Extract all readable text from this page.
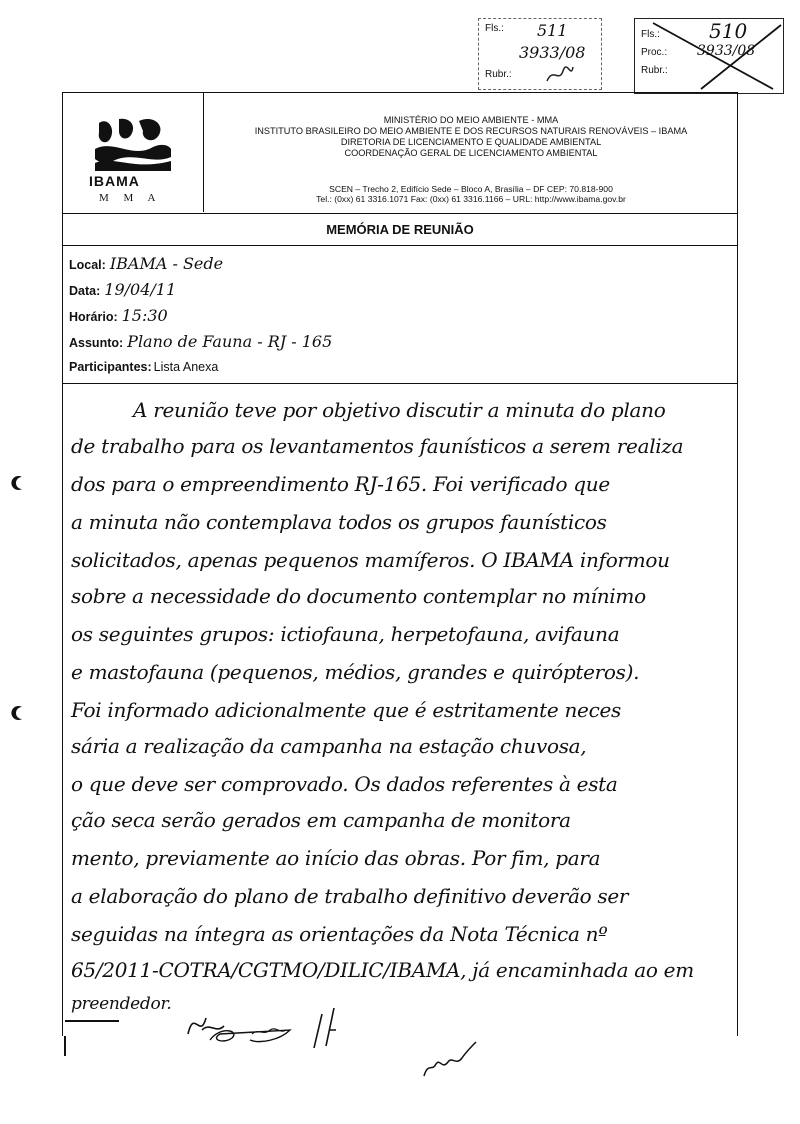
Fls.: 511
3933/08
Rubr.:
Fls.:
Proc.:
Rubr.:
510
3933/08
IBAMA
M M A
MINISTÉRIO DO MEIO AMBIENTE - MMA
INSTITUTO BRASILEIRO DO MEIO AMBIENTE E DOS RECURSOS NATURAIS RENOVÁVEIS – IBAMA
DIRETORIA DE LICENCIAMENTO E QUALIDADE AMBIENTAL
COORDENAÇÃO GERAL DE LICENCIAMENTO AMBIENTAL
SCEN – Trecho 2, Edifício Sede – Bloco A, Brasília – DF CEP: 70.818-900
Tel.: (0xx) 61 3316.1071 Fax: (0xx) 61 3316.1166 – URL: http://www.ibama.gov.br
MEMÓRIA DE REUNIÃO
Local: IBAMA - Sede
Data: 19/04/11
Horário: 15:30
Assunto: Plano de Fauna - RJ - 165
Participantes: Lista Anexa
A reunião teve por objetivo discutir a minuta do plano
de trabalho para os levantamentos faunísticos a serem realiza
dos para o empreendimento RJ-165. Foi verificado que
a minuta não contemplava todos os grupos faunísticos
solicitados, apenas pequenos mamíferos. O IBAMA informou
sobre a necessidade do documento contemplar no mínimo
os seguintes grupos: ictiofauna, herpetofauna, avifauna
e mastofauna (pequenos, médios, grandes e quirópteros).
Foi informado adicionalmente que é estritamente neces
sária a realização da campanha na estação chuvosa,
o que deve ser comprovado. Os dados referentes à esta
ção seca serão gerados em campanha de monitora
mento, previamente ao início das obras. Por fim, para
a elaboração do plano de trabalho definitivo deverão ser
seguidas na íntegra as orientações da Nota Técnica nº
65/2011-COTRA/CGTMO/DILIC/IBAMA, já encaminhada ao em
preendedor.
